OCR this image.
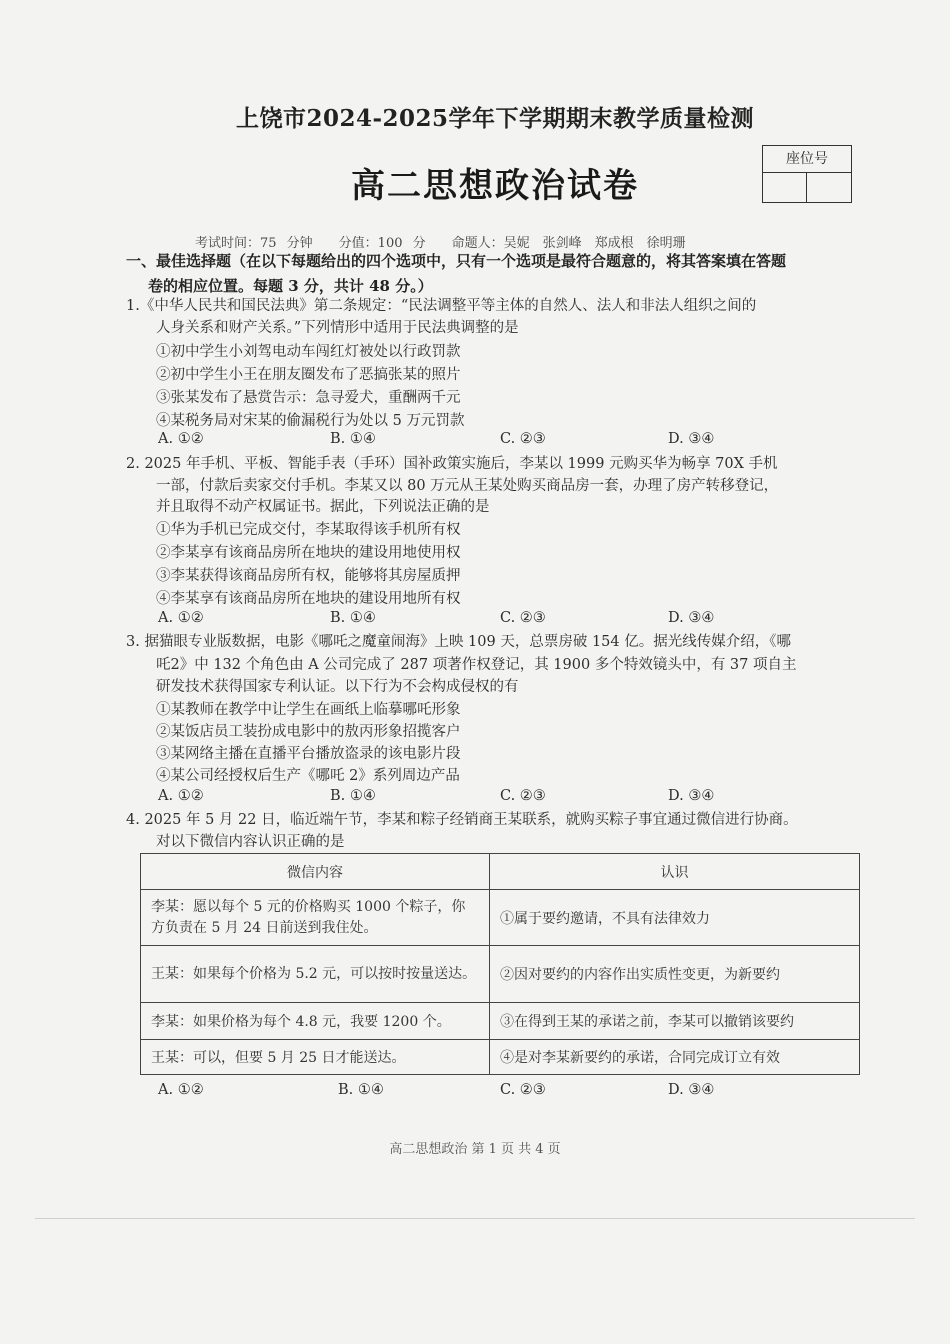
上饶市2024-2025学年下学期期末教学质量检测
高二思想政治试卷
座位号
考试时间：75 分钟　　分值：100 分　　命题人：吴妮　张剑峰　郑成根　徐明珊
一、最佳选择题（在以下每题给出的四个选项中，只有一个选项是最符合题意的，将其答案填在答题
卷的相应位置。每题 3 分，共计 48 分。）
1.《中华人民共和国民法典》第二条规定：“民法调整平等主体的自然人、法人和非法人组织之间的
人身关系和财产关系。”下列情形中适用于民法典调整的是
①初中学生小刘驾电动车闯红灯被处以行政罚款
②初中学生小王在朋友圈发布了恶搞张某的照片
③张某发布了悬赏告示：急寻爱犬，重酬两千元
④某税务局对宋某的偷漏税行为处以 5 万元罚款
A. ①②	B. ①④	C. ②③	D. ③④
2. 2025 年手机、平板、智能手表（手环）国补政策实施后，李某以 1999 元购买华为畅享 70X 手机
一部，付款后卖家交付手机。李某又以 80 万元从王某处购买商品房一套，办理了房产转移登记，
并且取得不动产权属证书。据此，下列说法正确的是
①华为手机已完成交付，李某取得该手机所有权
②李某享有该商品房所在地块的建设用地使用权
③李某获得该商品房所有权，能够将其房屋质押
④李某享有该商品房所在地块的建设用地所有权
A. ①②	B. ①④	C. ②③	D. ③④
3. 据猫眼专业版数据，电影《哪吒之魔童闹海》上映 109 天，总票房破 154 亿。据光线传媒介绍，《哪
吒2》中 132 个角色由 A 公司完成了 287 项著作权登记，其 1900 多个特效镜头中，有 37 项自主
研发技术获得国家专利认证。以下行为不会构成侵权的有
①某教师在教学中让学生在画纸上临摹哪吒形象
②某饭店员工装扮成电影中的敖丙形象招揽客户
③某网络主播在直播平台播放盗录的该电影片段
④某公司经授权后生产《哪吒 2》系列周边产品
A. ①②	B. ①④	C. ②③	D. ③④
4. 2025 年 5 月 22 日，临近端午节，李某和粽子经销商王某联系，就购买粽子事宜通过微信进行协商。
对以下微信内容认识正确的是
微信内容	认识
李某：愿以每个 5 元的价格购买 1000 个粽子，你方负责在 5 月 24 日前送到我住处。	①属于要约邀请，不具有法律效力
王某：如果每个价格为 5.2 元，可以按时按量送达。	②因对要约的内容作出实质性变更，为新要约
李某：如果价格为每个 4.8 元，我要 1200 个。	③在得到王某的承诺之前，李某可以撤销该要约
王某：可以，但要 5 月 25 日才能送达。	④是对李某新要约的承诺，合同完成订立有效
A. ①②	B. ①④	C. ②③	D. ③④
高二思想政治 第 1 页 共 4 页
